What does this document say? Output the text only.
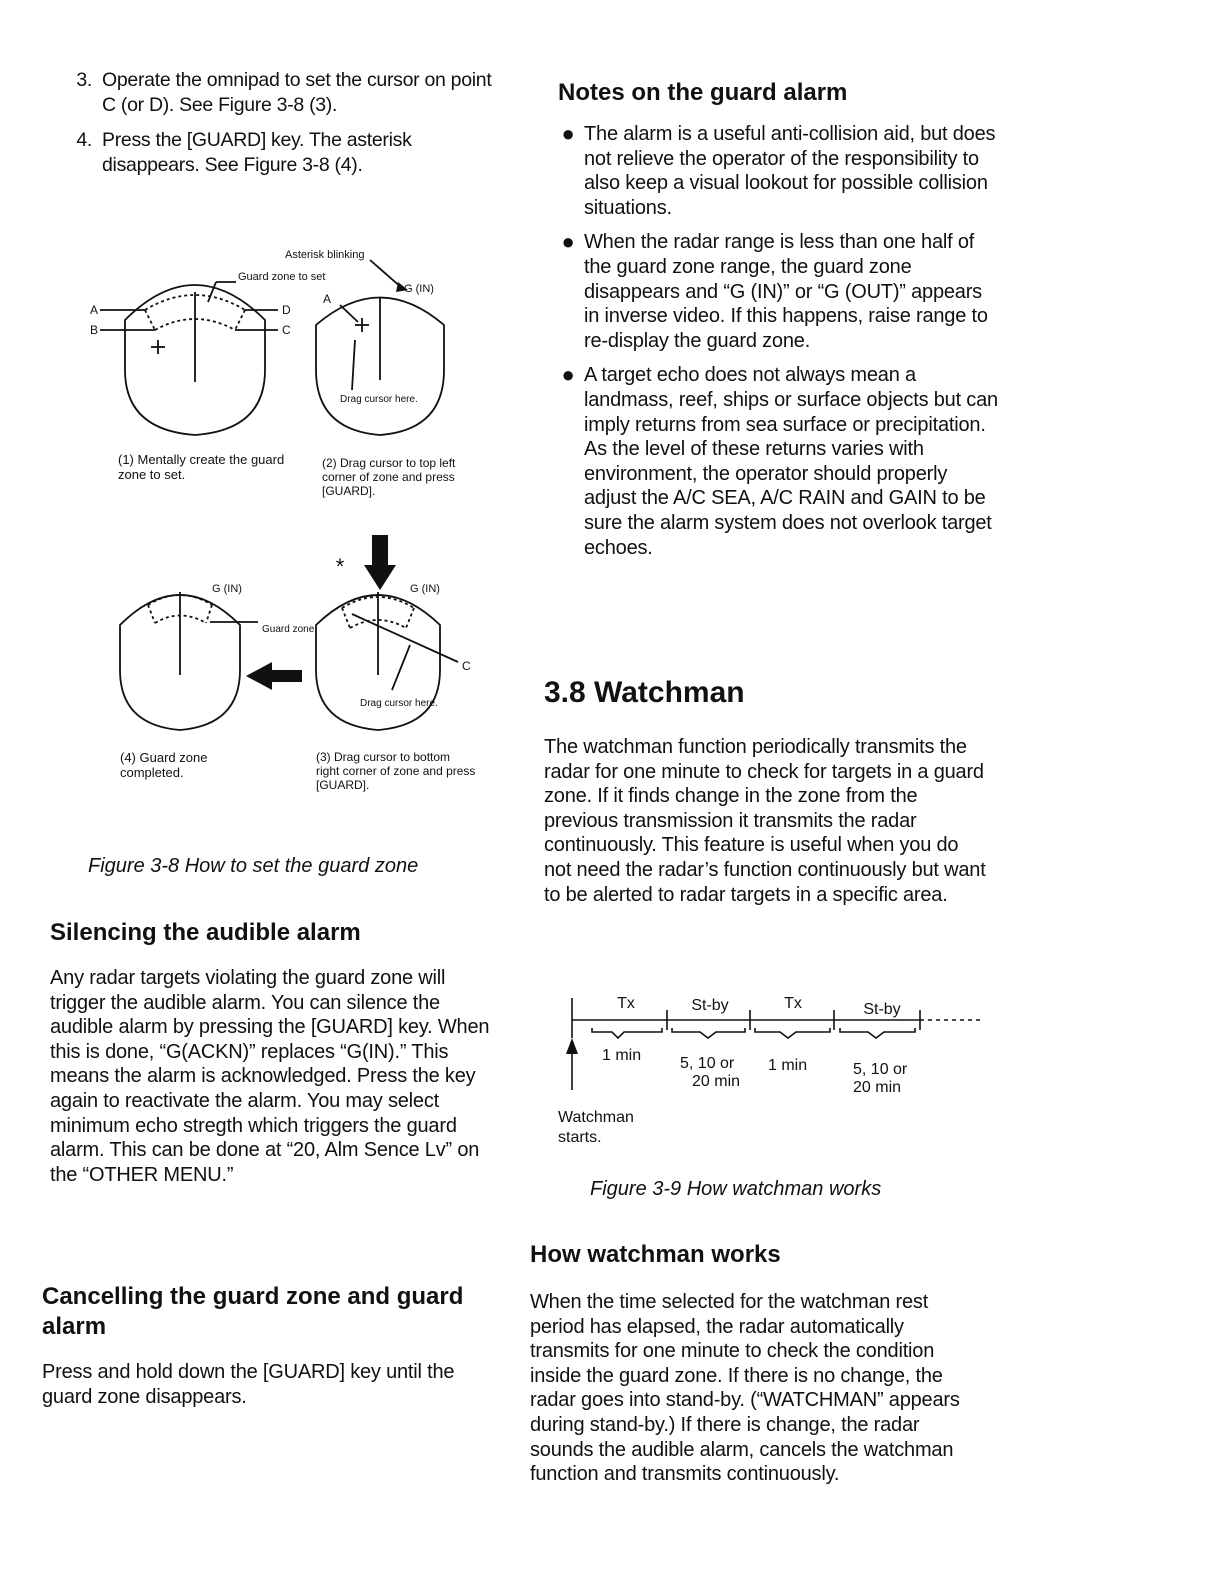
3. Operate the omnipad to set the cursor on point C (or D). See Figure 3-8 (3).
4. Press the [GUARD] key. The asterisk disappears. See Figure 3-8 (4).
*
Asterisk blinking
Guard zone to set
A
B
D
C
A
G (IN)
Drag cursor here.
G (IN)
Guard zone
G (IN)
C
Drag cursor here.
(1) Mentally create the guard zone to set.
(2) Drag cursor to top left corner of zone and press [GUARD].
(4) Guard zone completed.
(3) Drag cursor to bottom right corner of zone and press [GUARD].
Figure 3-8 How to set the guard zone
Silencing the audible alarm
Any radar targets violating the guard zone will trigger the audible alarm. You can silence the audible alarm by pressing the [GUARD] key. When this is done, “G(ACKN)” replaces “G(IN).” This means the alarm is acknowledged. Press the key again to reactivate the alarm. You may select minimum echo stregth which triggers the guard alarm. This can be done at “20, Alm Sence Lv” on the “OTHER MENU.”
Cancelling the guard zone and guard alarm
Press and hold down the [GUARD] key until the guard zone disappears.
Notes on the guard alarm
● The alarm is a useful anti-collision aid, but does not relieve the operator of the responsibility to also keep a visual lookout for possible collision situations.
● When the radar range is less than one half of the guard zone range, the guard zone disappears and “G (IN)” or “G (OUT)” appears in inverse video. If this happens, raise range to re-display the guard zone.
● A target echo does not always mean a landmass, reef, ships or surface objects but can imply returns from sea surface or precipitation. As the level of these returns varies with environment, the operator should properly adjust the A/C SEA, A/C RAIN and GAIN to be sure the alarm system does not overlook target echoes.
3.8 Watchman
The watchman function periodically transmits the radar for one minute to check for targets in a guard zone. If it finds change in the zone from the previous transmission it transmits the radar continuously. This feature is useful when you do not need the radar’s function continuously but want to be alerted to radar targets in a specific area.
Tx	St-by	Tx	St-by
1 min 5, 10 or
20 min
1 min	5, 10 or
20 min
Watchman
starts.
Figure 3-9 How watchman works
How watchman works
When the time selected for the watchman rest period has elapsed, the radar automatically transmits for one minute to check the condition inside the guard zone. If there is no change, the radar goes into stand-by. (“WATCHMAN” appears during stand-by.) If there is change, the radar sounds the audible alarm, cancels the watchman function and transmits continuously.
